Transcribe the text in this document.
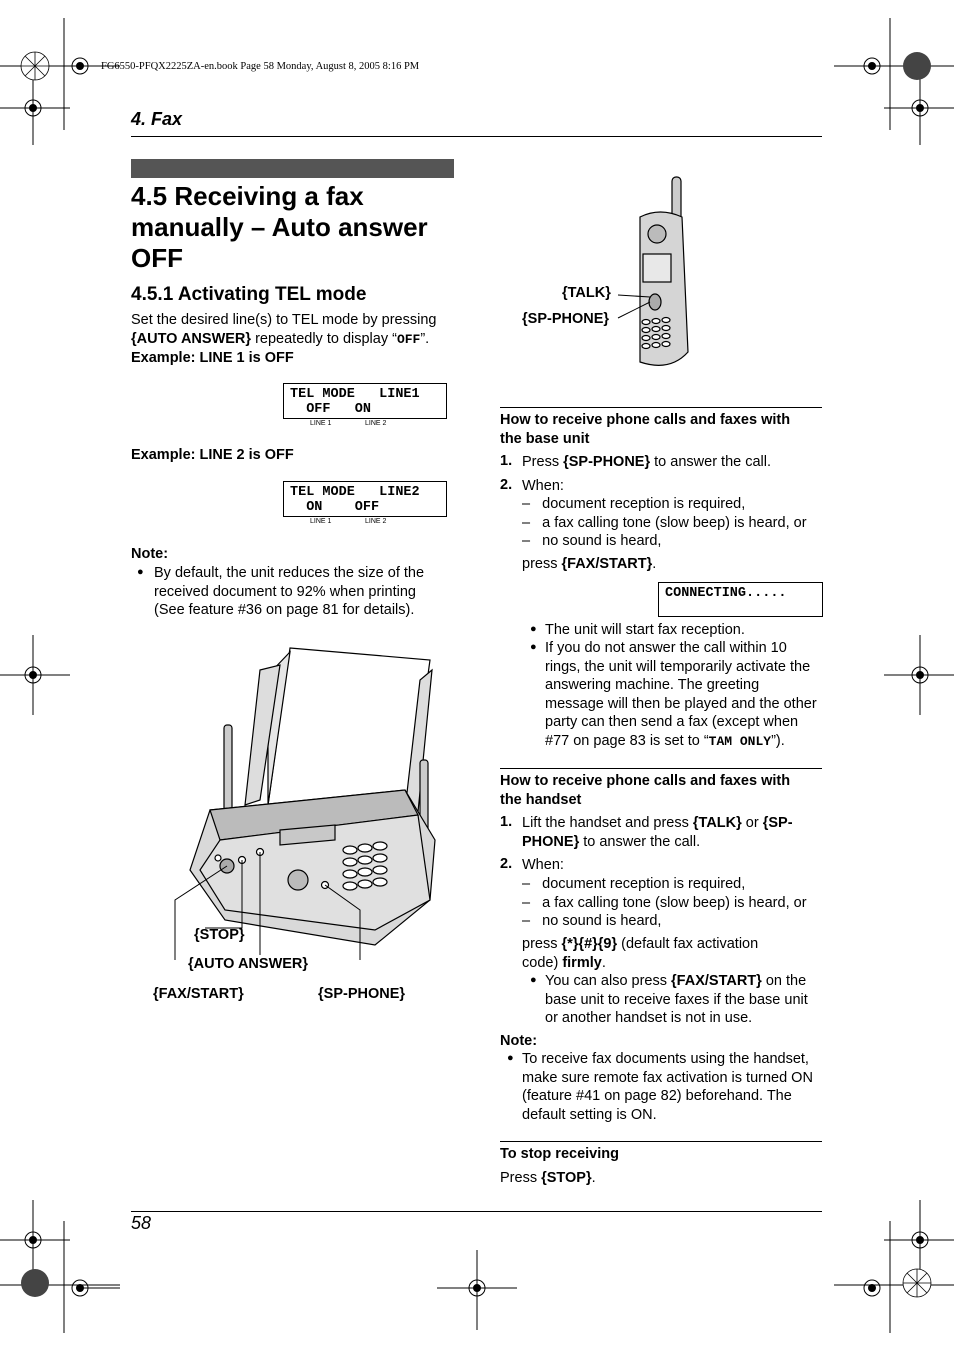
FG6550-PFQX2225ZA-en.book Page 58 Monday, August 8, 2005 8:16 PM
4. Fax
4.5 Receiving a fax
manually – Auto answer
OFF
4.5.1 Activating TEL mode
Set the desired line(s) to TEL mode by pressing
{AUTO ANSWER} repeatedly to display “OFF”.
Example: LINE 1 is OFF
TEL MODE   LINE1
OFF   ON
LINE 1	LINE 2
Example: LINE 2 is OFF
TEL MODE   LINE2
ON    OFF
LINE 1	LINE 2
Note:
● By default, the unit reduces the size of the
received document to 92% when printing
(See feature #36 on page 81 for details).
{STOP}
{AUTO ANSWER}
{FAX/START}	{SP-PHONE}
{TALK}
{SP-PHONE}
How to receive phone calls and faxes with
the base unit
1. Press {SP-PHONE} to answer the call.
2. When:
–   document reception is required,
–   a fax calling tone (slow beep) is heard, or
–   no sound is heard,
press {FAX/START}.
CONNECTING.....
● The unit will start fax reception.
● If you do not answer the call within 10
rings, the unit will temporarily activate the
answering machine. The greeting
message will then be played and the other
party can then send a fax (except when
#77 on page 83 is set to “TAM ONLY”).
How to receive phone calls and faxes with
the handset
1. Lift the handset and press {TALK} or {SP-
PHONE} to answer the call.
2. When:
–   document reception is required,
–   a fax calling tone (slow beep) is heard, or
–   no sound is heard,
press {*}{#}{9} (default fax activation
code) firmly.
● You can also press {FAX/START} on the
base unit to receive faxes if the base unit
or another handset is not in use.
Note:
● To receive fax documents using the handset,
make sure remote fax activation is turned ON
(feature #41 on page 82) beforehand. The
default setting is ON.
To stop receiving
Press {STOP}.
58
